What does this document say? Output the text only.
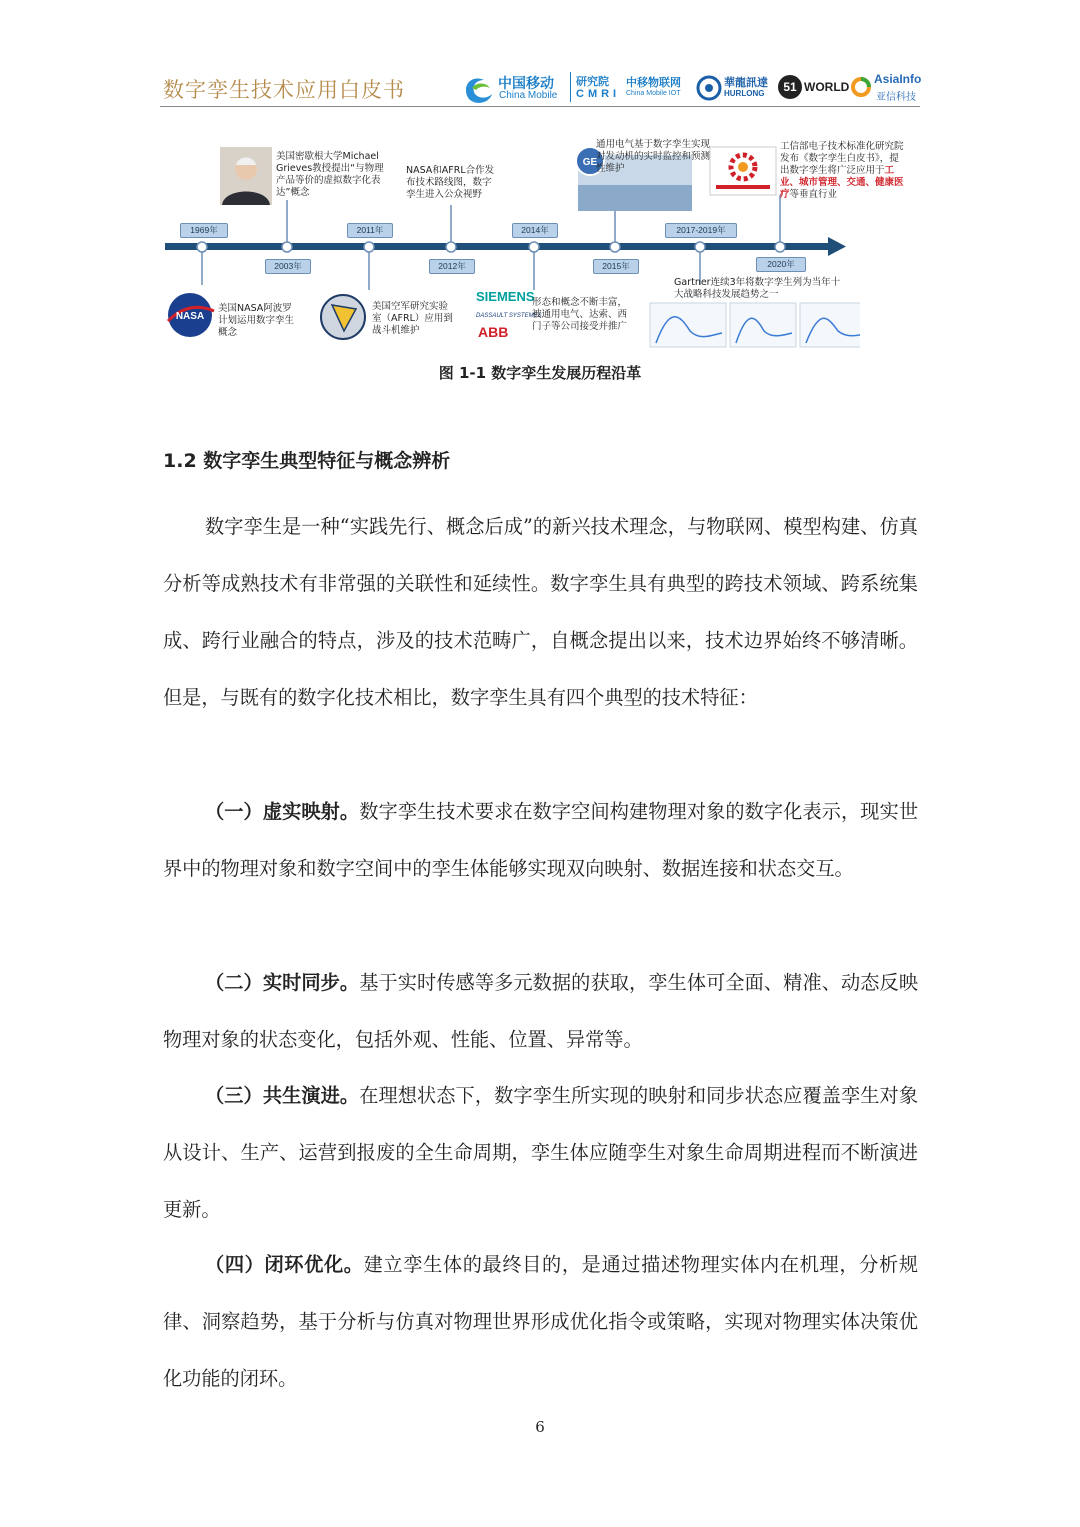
数字孪生技术应用白皮书	中国移动
China Mobile
研究院
CMRI
中移物联网
China Mobile IOT
華龍訊達
HURLONG	51 WORLD
AsiaInfo
亚信科技
NASA
GE
SIEMENS
DASSAULT SYSTEMES
ABB
1969年
2003年
2011年
2012年
2014年
2015年
2017-2019年
2020年
美国密歇根大学Michael Grieves教授提出“与物理产品等价的虚拟数字化表达”概念
NASA和AFRL合作发布技术路线图，数字孪生进入公众视野
通用电气基于数字孪生实现对发动机的实时监控和预测性维护
工信部电子技术标准化研究院发布《数字孪生白皮书》，提出数字孪生将广泛应用于工业、城市管理、交通、健康医疗等垂直行业
美国NASA阿波罗计划运用数字孪生概念
美国空军研究实验室（AFRL）应用到战斗机维护
形态和概念不断丰富，被通用电气、达索、西门子等公司接受并推广
Gartner连续3年将数字孪生列为当年十大战略科技发展趋势之一
图 1-1 数字孪生发展历程沿革
1.2 数字孪生典型特征与概念辨析
数字孪生是一种“实践先行、概念后成”的新兴技术理念，与物联网、模型构建、仿真分析等成熟技术有非常强的关联性和延续性。数字孪生具有典型的跨技术领域、跨系统集成、跨行业融合的特点，涉及的技术范畴广，自概念提出以来，技术边界始终不够清晰。但是，与既有的数字化技术相比，数字孪生具有四个典型的技术特征：
（一）虚实映射。数字孪生技术要求在数字空间构建物理对象的数字化表示，现实世界中的物理对象和数字空间中的孪生体能够实现双向映射、数据连接和状态交互。
（二）实时同步。基于实时传感等多元数据的获取，孪生体可全面、精准、动态反映物理对象的状态变化，包括外观、性能、位置、异常等。
（三）共生演进。在理想状态下，数字孪生所实现的映射和同步状态应覆盖孪生对象从设计、生产、运营到报废的全生命周期，孪生体应随孪生对象生命周期进程而不断演进更新。
（四）闭环优化。建立孪生体的最终目的，是通过描述物理实体内在机理，分析规律、洞察趋势，基于分析与仿真对物理世界形成优化指令或策略，实现对物理实体决策优化功能的闭环。
6
